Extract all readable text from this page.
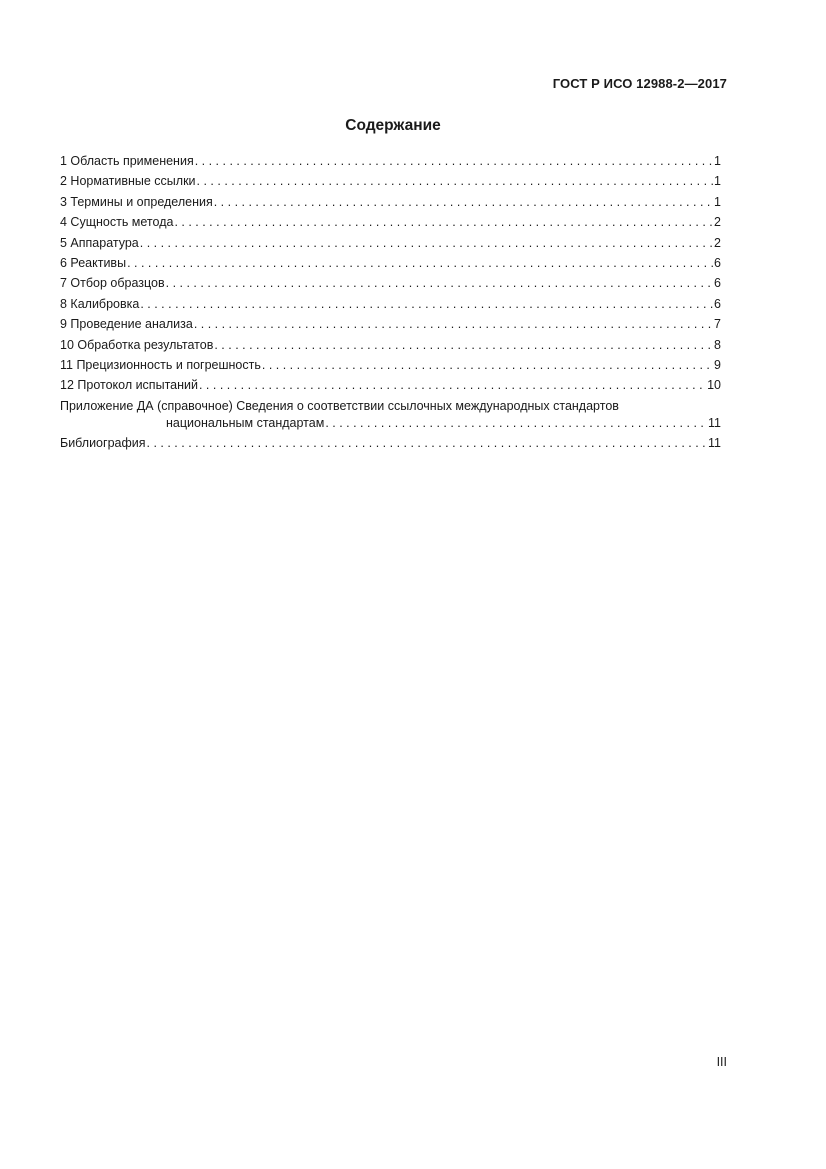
ГОСТ Р ИСО 12988-2—2017
Содержание
1 Область применения . . .	1
2 Нормативные ссылки . . .	1
3 Термины и определения . . .	1
4 Сущность метода . . .	2
5 Аппаратура . . .	2
6 Реактивы . . .	6
7 Отбор образцов . . .	6
8 Калибровка . . .	6
9 Проведение анализа . . .	7
10 Обработка результатов . . .	8
11 Прецизионность и погрешность . . .	9
12 Протокол испытаний . . .	10
Приложение ДА (справочное) Сведения о соответствии ссылочных международных стандартов
национальным стандартам . . .	11
Библиография . . .	11
III
